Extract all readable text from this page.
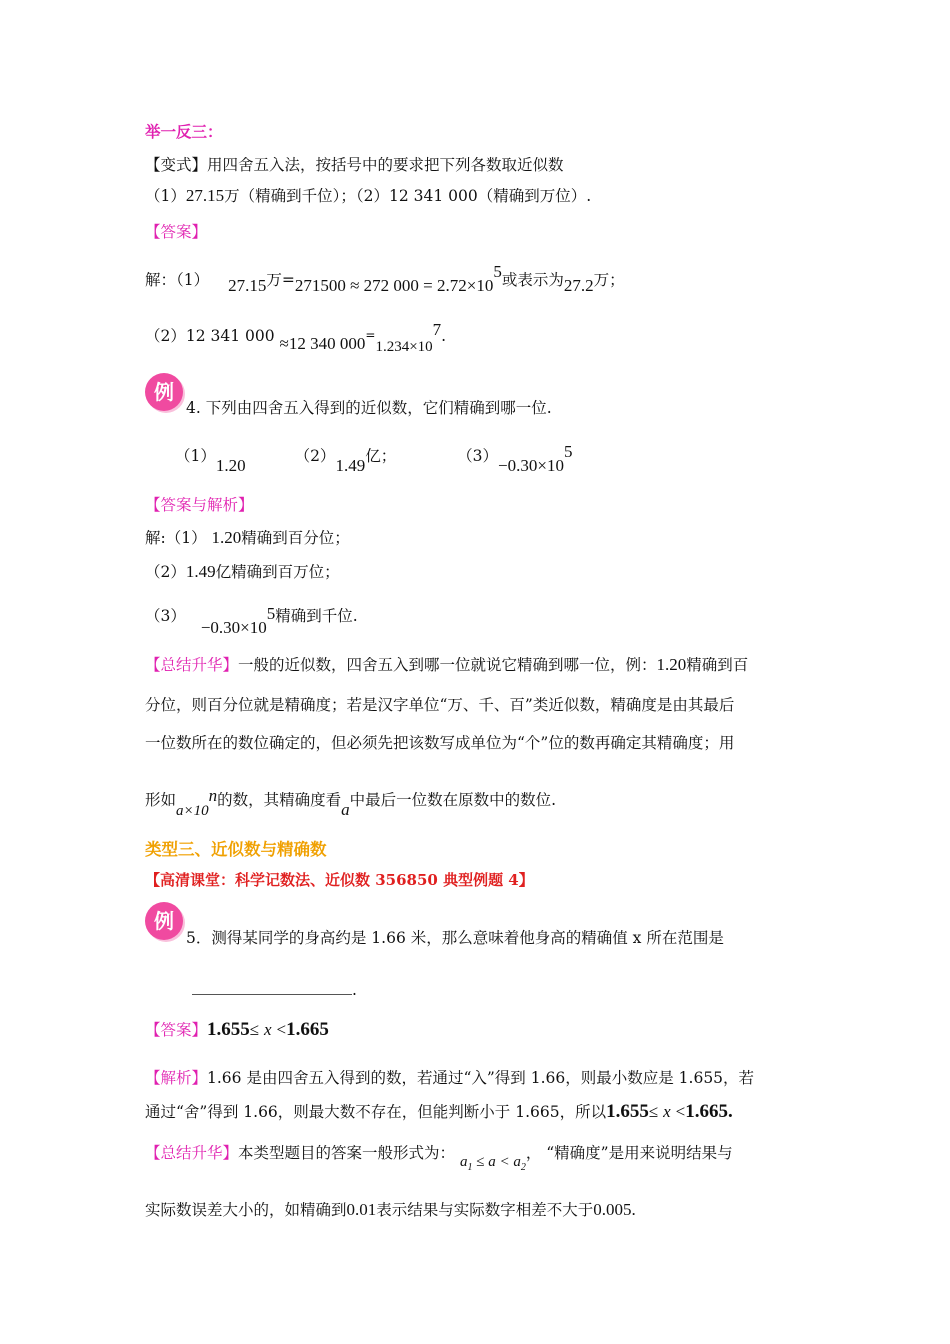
举一反三：
【变式】用四舍五入法，按括号中的要求把下列各数取近似数
（1）27.15万（精确到千位）；（2）12 341 000（精确到万位）.
【答案】
解：（1） 27.15万=271500 ≈ 272 $000 = 2.72\times 10^5$或表示为27.2万；
（2）12 341 000 ≈12 340 $000=1.234\times 10^7$.
例
4. 下列由四舍五入得到的近似数，它们精确到哪一位.
（1）1.20	（2）1.49亿；	$(3)-0.30\times 10^5$
【答案与解析】
解:（1） 1.20精确到百分位；
（2）1.49亿精确到百万位；
$(3) -0.30\times 10^5$精确到千位.
【总结升华】一般的近似数，四舍五入到哪一位就说它精确到哪一位，例：1.20精确到百
分位，则百分位就是精确度；若是汉字单位“万、千、百”类近似数，精确度是由其最后
一位数所在的数位确定的，但必须先把该数写成单位为“个”位的数再确定其精确度；用
形如$a\times 10^n$的数，其精确度看a中最后一位数在原数中的数位.
类型三、近似数与精确数
【高清课堂：科学记数法、近似数 356850 典型例题 4】
例
5．测得某同学的身高约是 1.66 米，那么意味着他身高的精确值 x 所在范围是
.
【答案】1.655≤ x <1.665
【解析】1.66 是由四舍五入得到的数，若通过“入”得到 1.66，则最小数应是 1.655，若
通过“舍”得到 1.66，则最大数不存在，但能判断小于 1.665，所以1.655≤ x <1.665.
【总结升华】本类型题目的答案一般形式为： $a_1 \le a < a_2$， “精确度”是用来说明结果与
实际数误差大小的，如精确到0.01表示结果与实际数字相差不大于0.005.
